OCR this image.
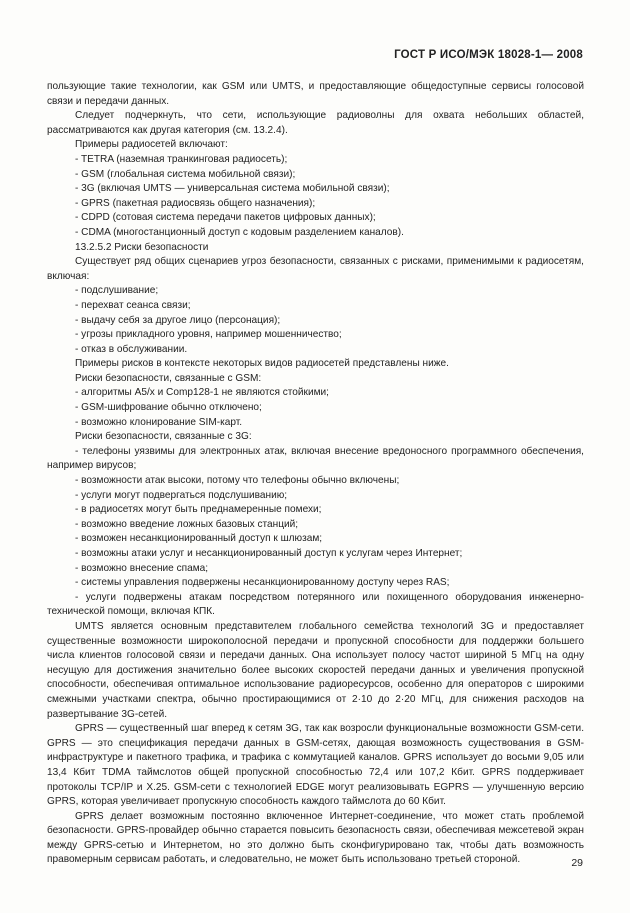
ГОСТ Р ИСО/МЭК 18028-1— 2008

пользующие такие технологии, как GSM или UMTS, и предоставляющие общедоступные сервисы голосовой связи и передачи данных.

Следует подчеркнуть, что сети, использующие радиоволны для охвата небольших областей, рассматриваются как другая категория (см. 13.2.4).

Примеры радиосетей включают:

- TETRA (наземная транкинговая радиосеть);

- GSM (глобальная система мобильной связи);

- 3G (включая UMTS — универсальная система мобильной связи);

- GPRS (пакетная радиосвязь общего назначения);

- CDPD (сотовая система передачи пакетов цифровых данных);

- CDMA (многостанционный доступ с кодовым разделением каналов).

13.2.5.2 Риски безопасности

Существует ряд общих сценариев угроз безопасности, связанных с рисками, применимыми к радиосетям, включая:

- подслушивание;

- перехват сеанса связи;

- выдачу себя за другое лицо (персонация);

- угрозы прикладного уровня, например мошенничество;

- отказ в обслуживании.

Примеры рисков в контексте некоторых видов радиосетей представлены ниже.

Риски безопасности, связанные с GSM:

- алгоритмы А5/х и Comp128-1 не являются стойкими;

- GSM-шифрование обычно отключено;

- возможно клонирование SIM-карт.

Риски безопасности, связанные с 3G:

- телефоны уязвимы для электронных атак, включая внесение вредоносного программного обеспечения, например вирусов;

- возможности атак высоки, потому что телефоны обычно включены;

- услуги могут подвергаться подслушиванию;

- в радиосетях могут быть преднамеренные помехи;

- возможно введение ложных базовых станций;

- возможен несанкционированный доступ к шлюзам;

- возможны атаки услуг и несанкционированный доступ к услугам через Интернет;

- возможно внесение спама;

- системы управления подвержены несанкционированному доступу через RAS;

- услуги подвержены атакам посредством потерянного или похищенного оборудования инженерно-технической помощи, включая КПК.

UMTS является основным представителем глобального семейства технологий 3G и предоставляет существенные возможности широкополосной передачи и пропускной способности для поддержки большего числа клиентов голосовой связи и передачи данных. Она использует полосу частот шириной 5 МГц на одну несущую для достижения значительно более высоких скоростей передачи данных и увеличения пропускной способности, обеспечивая оптимальное использование радиоресурсов, особенно для операторов с широкими смежными участками спектра, обычно простирающимися от 2·10 до 2·20 МГц, для снижения расходов на развертывание 3G-сетей.

GPRS — существенный шаг вперед к сетям 3G, так как возросли функциональные возможности GSM-сети. GPRS — это спецификация передачи данных в GSM-сетях, дающая возможность существования в GSM-инфраструктуре и пакетного трафика, и трафика с коммутацией каналов. GPRS использует до восьми 9,05 или 13,4 Кбит TDMA таймслотов общей пропускной способностью 72,4 или 107,2 Кбит. GPRS поддерживает протоколы TCP/IP и X.25. GSM-сети с технологией EDGE могут реализовывать EGPRS — улучшенную версию GPRS, которая увеличивает пропускную способность каждого таймслота до 60 Кбит.

GPRS делает возможным постоянно включенное Интернет-соединение, что может стать проблемой безопасности. GPRS-провайдер обычно старается повысить безопасность связи, обеспечивая межсетевой экран между GPRS-сетью и Интернетом, но это должно быть сконфигурировано так, чтобы дать возможность правомерным сервисам работать, и следовательно, не может быть использовано третьей стороной.	29
